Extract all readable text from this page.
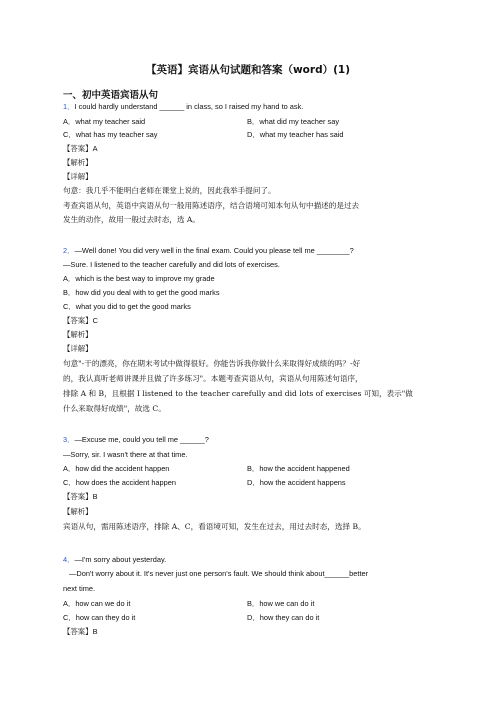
【英语】宾语从句试题和答案（word）(1)
一、初中英语宾语从句
1．I could hardly understand ______ in class, so I raised my hand to ask.
A．what my teacher said	B．what did my teacher say
C．what has my teacher say	D．what my teacher has said
【答案】A
【解析】
【详解】
句意：我几乎不能明白老师在课堂上说的，因此我举手提问了。
考查宾语从句，英语中宾语从句一般用陈述语序，结合语境可知本句从句中描述的是过去
发生的动作，故用一般过去时态，选 A。
2．—Well done! You did very well in the final exam. Could you please tell me ________?
—Sure. I listened to the teacher carefully and did lots of exercises.
A．which is the best way to improve my grade
B．how did you deal with to get the good marks
C．what you did to get the good marks
【答案】C
【解析】
【详解】
句意"-干的漂亮，你在期末考试中做得很好。你能告诉我你做什么来取得好成绩的吗？-好
的，我认真听老师讲课并且做了许多练习"。本题考查宾语从句，宾语从句用陈述句语序，
排除 A 和 B，且根据 I listened to the teacher carefully and did lots of exercises 可知，表示"做
什么来取得好成绩"，故选 C。
3．—Excuse me, could you tell me ______?
—Sorry, sir. I wasn't there at that time.
A．how did the accident happen	B．how the accident happened
C．how does the accident happen	D．how the accident happens
【答案】B
【解析】
宾语从句，需用陈述语序，排除 A、C，看语境可知，发生在过去，用过去时态，选择 B。
4．—I'm sorry about yesterday.
—Don't worry about it. It's never just one person's fault. We should think about______better
next time.
A．how can we do it	B．how we can do it
C．how can they do it	D．how they can do it
【答案】B
